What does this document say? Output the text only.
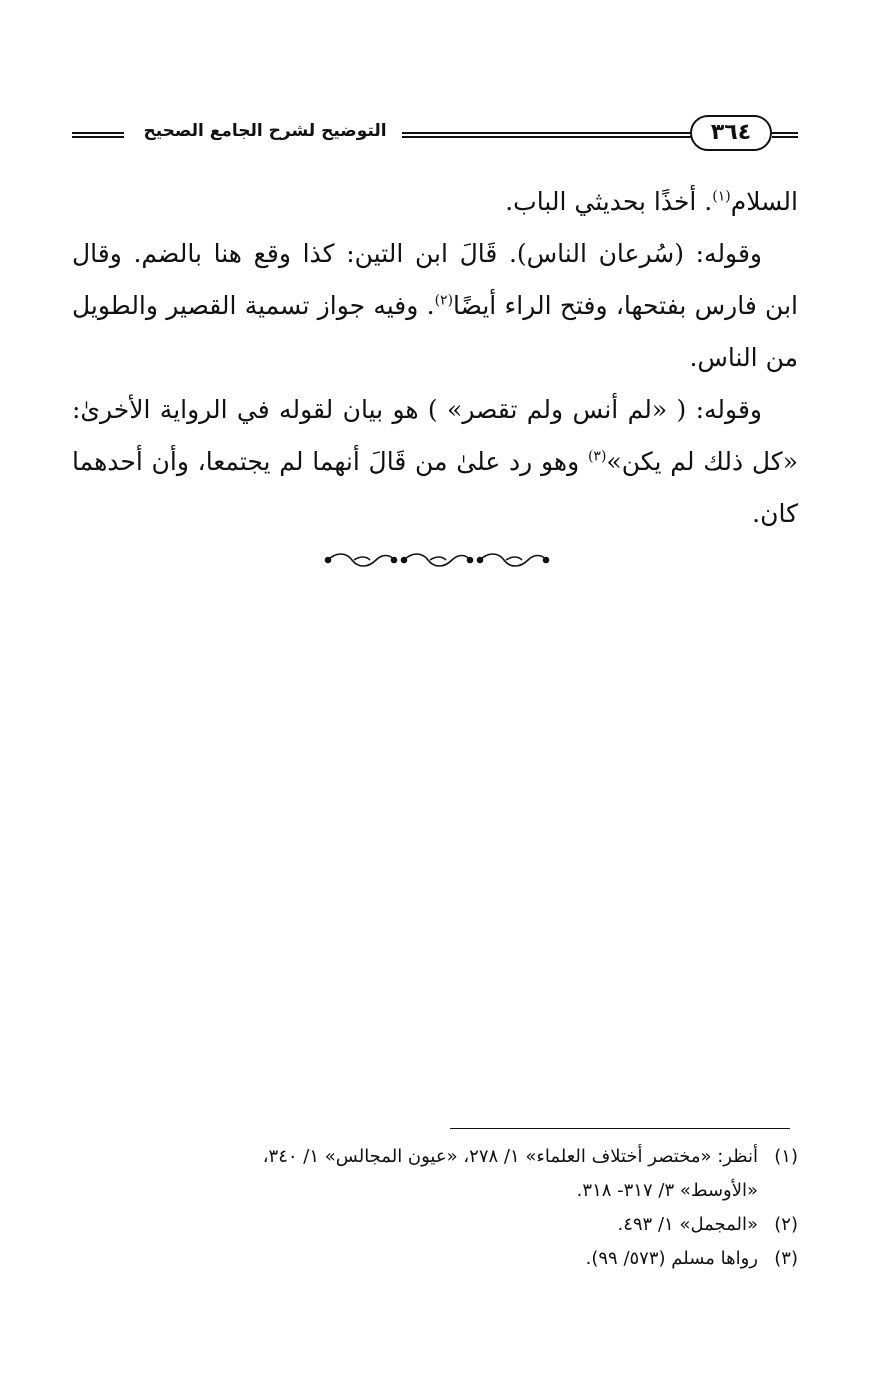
التوضيح لشرح الجامع الصحيح	٣٦٤

السلام$^{(١)}$. أخذًا بحديثي الباب.

وقوله: (سُرعان الناس). قَالَ ابن التين: كذا وقع هنا بالضم. وقال ابن فارس بفتحها، وفتح الراء أيضًا$^{(٢)}$. وفيه جواز تسمية القصير والطويل من الناس.

وقوله: ( «لم أنس ولم تقصر» ) هو بيان لقوله في الرواية الأخرىٰ: «كل ذلك لم يكن»$^{(٣)}$ وهو رد علىٰ من قَالَ أنهما لم يجتمعا، وأن أحدهما كان.

(١)أنظر: «مختصر أختلاف العلماء» ١/ ٢٧٨، «عيون المجالس» ١/ ٣٤٠،

«الأوسط» ٣/ ٣١٧- ٣١٨.

(٢)«المجمل» ١/ ٤٩٣.

(٣)رواها مسلم (٥٧٣/ ٩٩).
